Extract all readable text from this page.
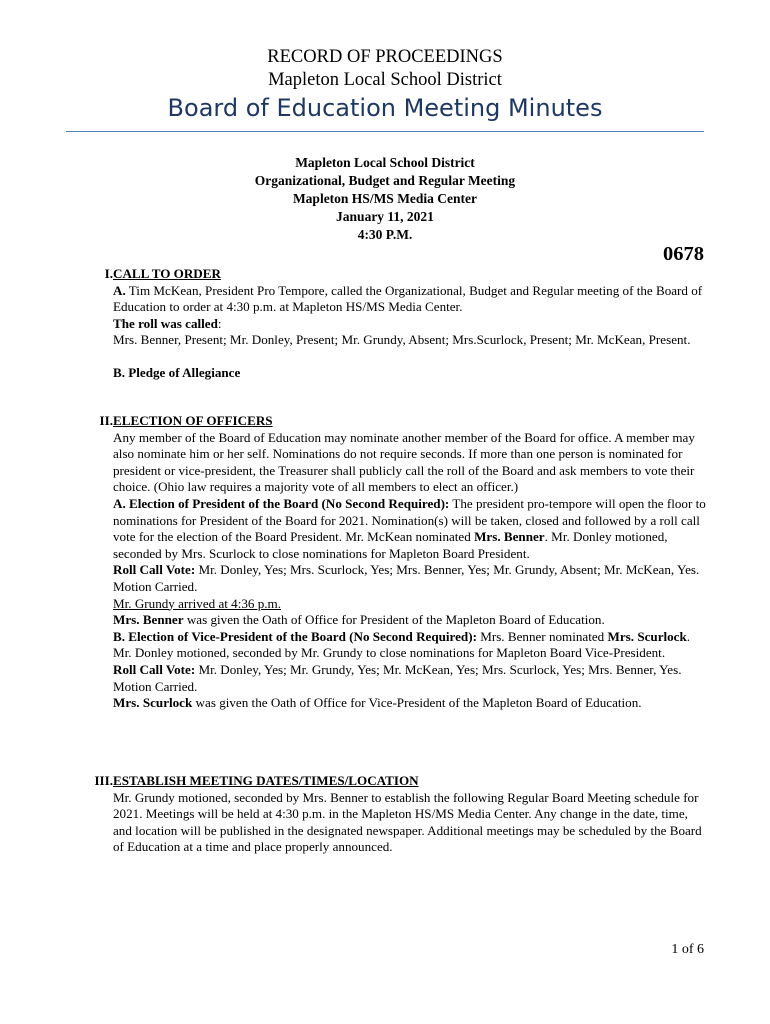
RECORD OF PROCEEDINGS
Mapleton Local School District
Board of Education Meeting Minutes
Mapleton Local School District
Organizational, Budget and Regular Meeting
Mapleton HS/MS Media Center
January 11, 2021
4:30 P.M.
0678
I. CALL TO ORDER

A. Tim McKean, President Pro Tempore, called the Organizational, Budget and Regular meeting of the Board of Education to order at 4:30 p.m. at Mapleton HS/MS Media Center.

The roll was called:

Mrs. Benner, Present; Mr. Donley, Present; Mr. Grundy, Absent; Mrs.Scurlock, Present; Mr. McKean, Present.

B. Pledge of Allegiance

II. ELECTION OF OFFICERS

Any member of the Board of Education may nominate another member of the Board for office. A member may also nominate him or her self. Nominations do not require seconds. If more than one person is nominated for president or vice-president, the Treasurer shall publicly call the roll of the Board and ask members to vote their choice. (Ohio law requires a majority vote of all members to elect an officer.)

A. Election of President of the Board (No Second Required): The president pro-tempore will open the floor to nominations for President of the Board for 2021. Nomination(s) will be taken, closed and followed by a roll call vote for the election of the Board President. Mr. McKean nominated Mrs. Benner. Mr. Donley motioned, seconded by Mrs. Scurlock to close nominations for Mapleton Board President.

Roll Call Vote: Mr. Donley, Yes; Mrs. Scurlock, Yes; Mrs. Benner, Yes; Mr. Grundy, Absent; Mr. McKean, Yes. Motion Carried.

Mr. Grundy arrived at 4:36 p.m.

Mrs. Benner was given the Oath of Office for President of the Mapleton Board of Education.

B. Election of Vice-President of the Board (No Second Required): Mrs. Benner nominated Mrs. Scurlock. Mr. Donley motioned, seconded by Mr. Grundy to close nominations for Mapleton Board Vice-President.

Roll Call Vote: Mr. Donley, Yes; Mr. Grundy, Yes; Mr. McKean, Yes; Mrs. Scurlock, Yes; Mrs. Benner, Yes. Motion Carried.

Mrs. Scurlock was given the Oath of Office for Vice-President of the Mapleton Board of Education.

III. ESTABLISH MEETING DATES/TIMES/LOCATION

Mr. Grundy motioned, seconded by Mrs. Benner to establish the following Regular Board Meeting schedule for 2021. Meetings will be held at 4:30 p.m. in the Mapleton HS/MS Media Center. Any change in the date, time, and location will be published in the designated newspaper. Additional meetings may be scheduled by the Board of Education at a time and place properly announced.

1 of 6
